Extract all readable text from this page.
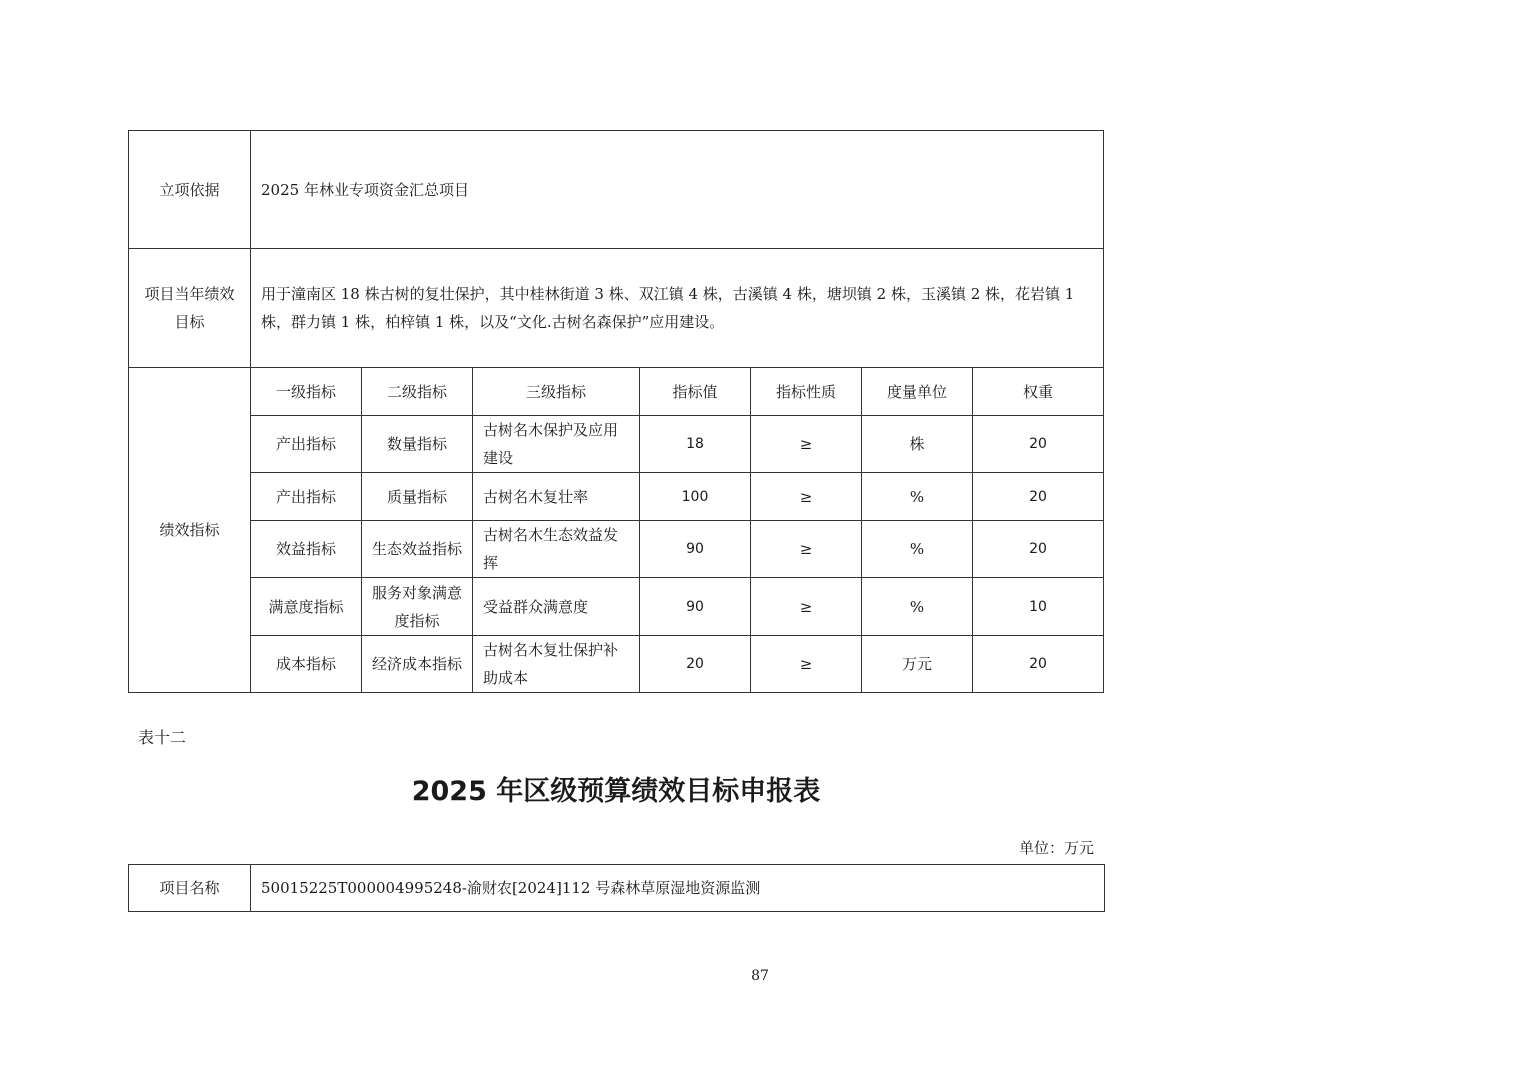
立项依据	2025 年林业专项资金汇总项目						
项目当年绩效目标	用于潼南区 18 株古树的复壮保护，其中桂林街道 3 株、双江镇 4 株，古溪镇 4 株，塘坝镇 2 株，玉溪镇 2 株，花岩镇 1 株，群力镇 1 株，柏梓镇 1 株，以及“文化.古树名森保护”应用建设。						
绩效指标	一级指标	二级指标	三级指标	指标值	指标性质	度量单位	权重
	产出指标	数量指标	古树名木保护及应用建设	18	≥	株	20
	产出指标	质量指标	古树名木复壮率	100	≥	%	20
	效益指标	生态效益指标	古树名木生态效益发挥	90	≥	%	20
	满意度指标	服务对象满意度指标	受益群众满意度	90	≥	%	10
	成本指标	经济成本指标	古树名木复壮保护补助成本	20	≥	万元	20
表十二
2025 年区级预算绩效目标申报表
单位：万元
项目名称	50015225T000004995248-渝财农[2024]112 号森林草原湿地资源监测
87
